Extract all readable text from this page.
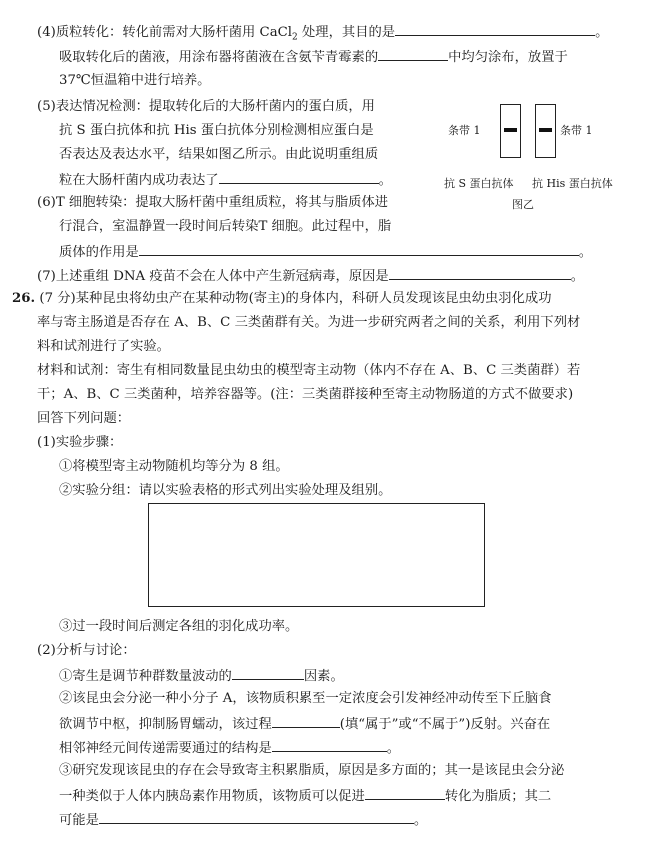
(4)质粒转化：转化前需对大肠杆菌用 CaCl$_2$ 处理，其目的是	。
吸取转化后的菌液，用涂布器将菌液在含氨苄青霉素的	中均匀涂布，放置于
37℃恒温箱中进行培养。
(5)表达情况检测：提取转化后的大肠杆菌内的蛋白质，用
抗 S 蛋白抗体和抗 His 蛋白抗体分别检测相应蛋白是
否表达及表达水平，结果如图乙所示。由此说明重组质
粒在大肠杆菌内成功表达了	。
条带 1	条带 1
抗 S 蛋白抗体 抗 His 蛋白抗体
图乙
(6)T 细胞转染：提取大肠杆菌中重组质粒，将其与脂质体进
行混合，室温静置一段时间后转染T 细胞。此过程中，脂
质体的作用是	。
(7)上述重组 DNA 疫苗不会在人体中产生新冠病毒，原因是	。
26. (7 分)某种昆虫将幼虫产在某种动物(寄主)的身体内，科研人员发现该昆虫幼虫羽化成功
率与寄主肠道是否存在 A、B、C 三类菌群有关。为进一步研究两者之间的关系，利用下列材
料和试剂进行了实验。
材料和试剂：寄生有相同数量昆虫幼虫的模型寄主动物（体内不存在 A、B、C 三类菌群）若
干；A、B、C 三类菌种，培养容器等。(注：三类菌群接种至寄主动物肠道的方式不做要求)
回答下列问题：
(1)实验步骤：
①将模型寄主动物随机均等分为 8 组。
②实验分组：请以实验表格的形式列出实验处理及组别。
③过一段时间后测定各组的羽化成功率。
(2)分析与讨论：
①寄生是调节种群数量波动的	因素。
②该昆虫会分泌一种小分子 A，该物质积累至一定浓度会引发神经冲动传至下丘脑食
欲调节中枢，抑制肠胃蠕动，该过程	(填“属于”或“不属于”)反射。兴奋在
相邻神经元间传递需要通过的结构是	。
③研究发现该昆虫的存在会导致寄主积累脂质，原因是多方面的；其一是该昆虫会分泌
一种类似于人体内胰岛素作用物质，该物质可以促进	转化为脂质；其二
可能是	。
